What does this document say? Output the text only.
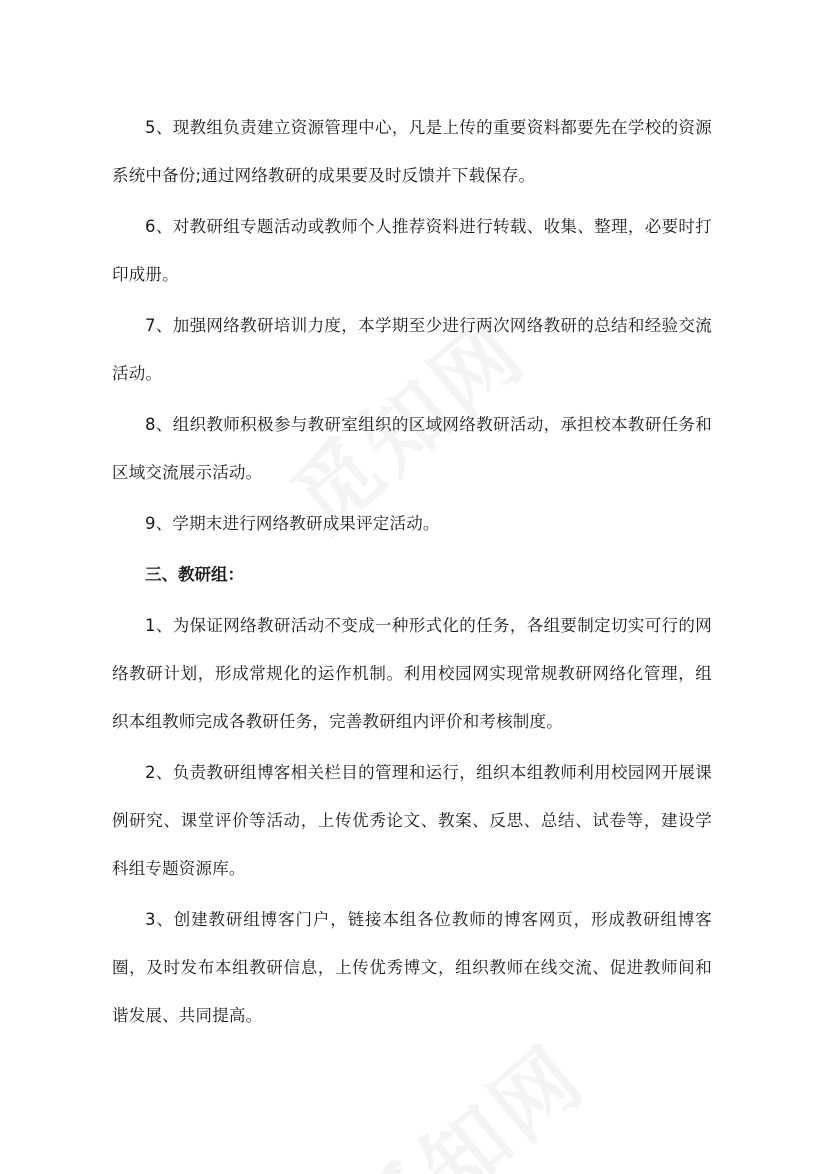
5、现教组负责建立资源管理中心，凡是上传的重要资料都要先在学校的资源系统中备份;通过网络教研的成果要及时反馈并下载保存。

6、对教研组专题活动或教师个人推荐资料进行转载、收集、整理，必要时打印成册。

7、加强网络教研培训力度，本学期至少进行两次网络教研的总结和经验交流活动。

8、组织教师积极参与教研室组织的区域网络教研活动，承担校本教研任务和区域交流展示活动。

9、学期末进行网络教研成果评定活动。

三、教研组：

1、为保证网络教研活动不变成一种形式化的任务，各组要制定切实可行的网络教研计划，形成常规化的运作机制。利用校园网实现常规教研网络化管理，组织本组教师完成各教研任务，完善教研组内评价和考核制度。

2、负责教研组博客相关栏目的管理和运行，组织本组教师利用校园网开展课例研究、课堂评价等活动，上传优秀论文、教案、反思、总结、试卷等，建设学科组专题资源库。

3、创建教研组博客门户，链接本组各位教师的博客网页，形成教研组博客圈，及时发布本组教研信息，上传优秀博文，组织教师在线交流、促进教师间和谐发展、共同提高。
